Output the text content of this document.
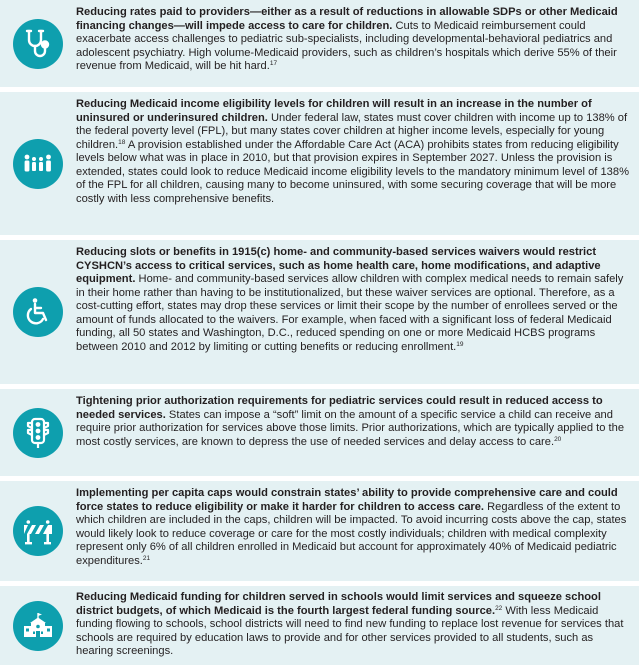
Reducing rates paid to providers—either as a result of reductions in allowable SDPs or other Medicaid financing changes—will impede access to care for children. Cuts to Medicaid reimbursement could exacerbate access challenges to pediatric sub-specialists, including developmental-behavioral pediatrics and adolescent psychiatry. High volume-Medicaid providers, such as children’s hospitals which derive 55% of their revenue from Medicaid, will be hit hard.$^{17}$
Reducing Medicaid income eligibility levels for children will result in an increase in the number of uninsured or underinsured children. Under federal law, states must cover children with income up to 138% of the federal poverty level (FPL), but many states cover children at higher income levels, especially for young children.$^{18}$ A provision established under the Affordable Care Act (ACA) prohibits states from reducing eligibility levels below what was in place in 2010, but that provision expires in September 2027. Unless the provision is extended, states could look to reduce Medicaid income eligibility levels to the mandatory minimum level of 138% of the FPL for all children, causing many to become uninsured, with some securing coverage that will be more costly with less comprehensive benefits.
Reducing slots or benefits in 1915(c) home- and community-based services waivers would restrict CYSHCN’s access to critical services, such as home health care, home modifications, and adaptive equipment. Home- and community-based services allow children with complex medical needs to remain safely in their home rather than having to be institutionalized, but these waiver services are optional. Therefore, as a cost-cutting effort, states may drop these services or limit their scope by the number of enrollees served or the amount of funds allocated to the waivers. For example, when faced with a significant loss of federal Medicaid funding, all 50 states and Washington, D.C., reduced spending on one or more Medicaid HCBS programs between 2010 and 2012 by limiting or cutting benefits or reducing enrollment.$^{19}$
Tightening prior authorization requirements for pediatric services could result in reduced access to needed services. States can impose a “soft” limit on the amount of a specific service a child can receive and require prior authorization for services above those limits. Prior authorizations, which are typically applied to the most costly services, are known to depress the use of needed services and delay access to care.$^{20}$
Implementing per capita caps would constrain states’ ability to provide comprehensive care and could force states to reduce eligibility or make it harder for children to access care. Regardless of the extent to which children are included in the caps, children will be impacted. To avoid incurring costs above the cap, states would likely look to reduce coverage or care for the most costly individuals; children with medical complexity represent only 6% of all children enrolled in Medicaid but account for approximately 40% of Medicaid pediatric expenditures.$^{21}$
Reducing Medicaid funding for children served in schools would limit services and squeeze school district budgets, of which Medicaid is the fourth largest federal funding source.$^{22}$ With less Medicaid funding flowing to schools, school districts will need to find new funding to replace lost revenue for services that schools are required by education laws to provide and for other services provided to all students, such as hearing screenings.
